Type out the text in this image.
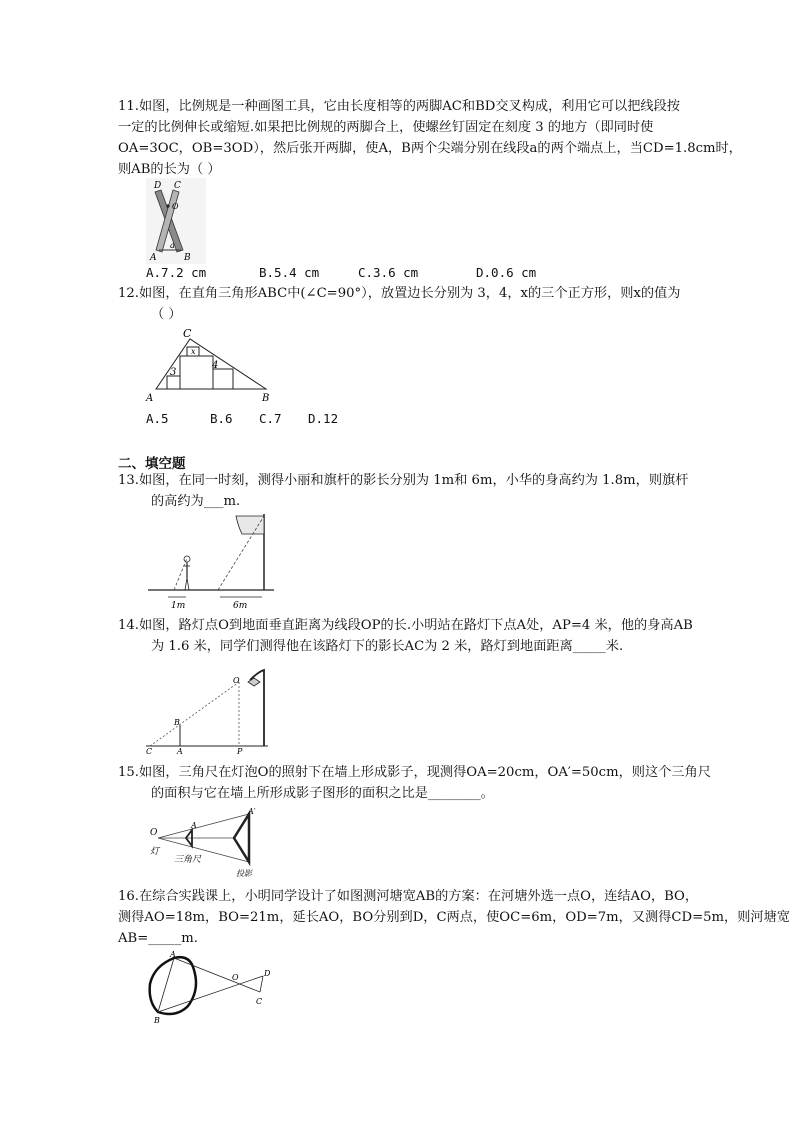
11.如图，比例规是一种画图工具，它由长度相等的两脚AC和BD交叉构成，利用它可以把线段按
一定的比例伸长或缩短.如果把比例规的两脚合上，使螺丝钉固定在刻度 3 的地方（即同时使
OA=3OC，OB=3OD），然后张开两脚，使A，B两个尖端分别在线段a的两个端点上，当CD=1.8cm时，
则AB的长为（ ）
D C
O
a
A	B
A.7.2 cm	B.5.4 cm	C.3.6 cm	D.0.6 cm
12.如图，在直角三角形ABC中(∠C=90°），放置边长分别为 3，4，x的三个正方形，则x的值为
（ ）
C
x
3
4
A	B
A.5	B.6 C.7 D.12
二、填空题
13.如图，在同一时刻，测得小丽和旗杆的影长分别为 1m和 6m，小华的身高约为 1.8m，则旗杆
的高约为___m.
1m	6m
14.如图，路灯点O到地面垂直距离为线段OP的长.小明站在路灯下点A处，AP=4 米，他的身高AB
为 1.6 米，同学们测得他在该路灯下的影长AC为 2 米，路灯到地面距离_____米.
O
B
C	A	P
15.如图，三角尺在灯泡O的照射下在墙上形成影子，现测得OA=20cm，OA′=50cm，则这个三角尺
的面积与它在墙上所形成影子图形的面积之比是________。
O
A
A′
灯
三角尺
投影
16.在综合实践课上，小明同学设计了如图测河塘宽AB的方案：在河塘外选一点O，连结AO，BO，
测得AO=18m，BO=21m，延长AO，BO分别到D，C两点，使OC=6m，OD=7m，又测得CD=5m，则河塘宽
AB=_____m.
A
B
O	D
C
